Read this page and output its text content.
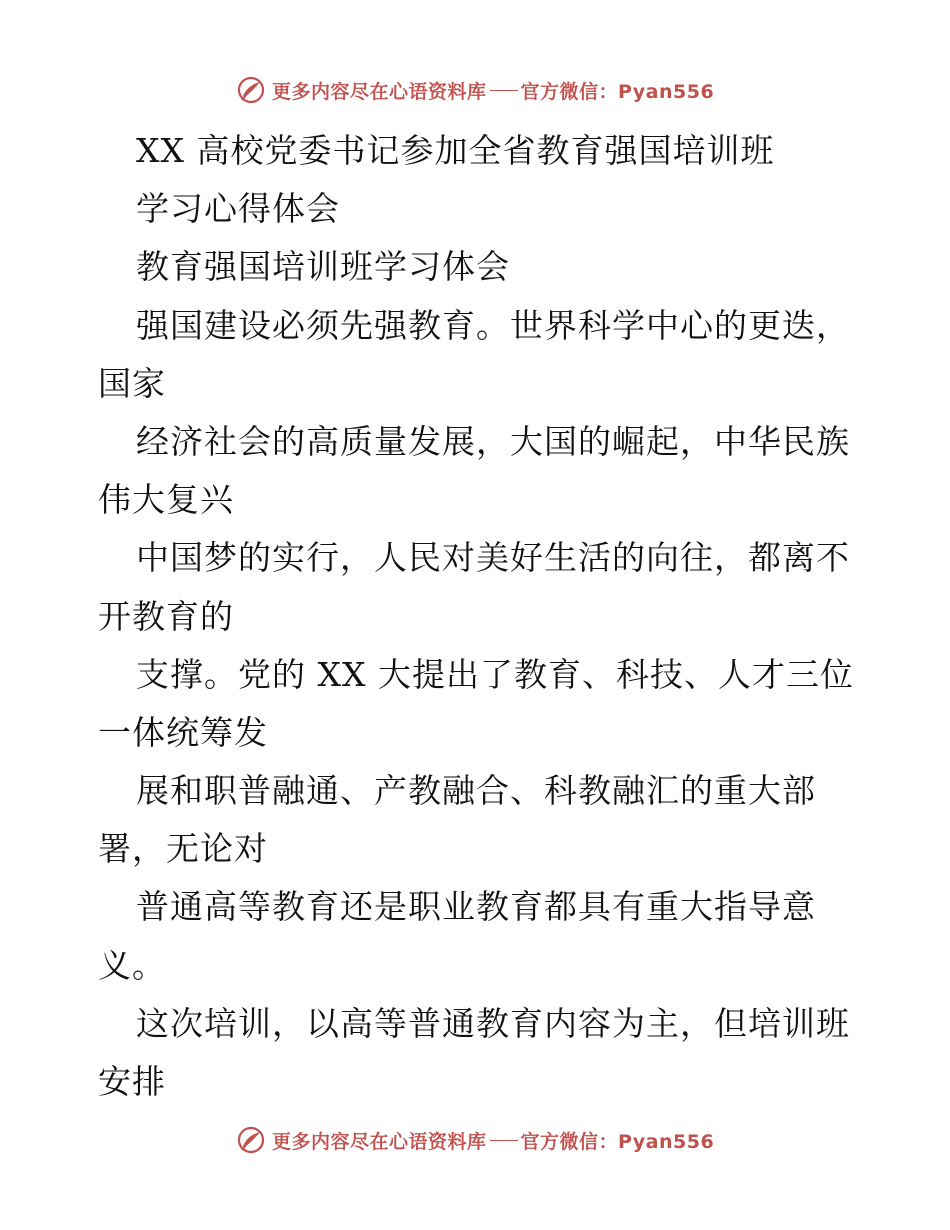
更多内容尽在心语资料库 官方微信：Pyan556
XX 高校党委书记参加全省教育强国培训班
学习心得体会
教育强国培训班学习体会
强国建设必须先强教育。世界科学中心的更迭，
国家
经济社会的高质量发展，大国的崛起，中华民族
伟大复兴
中国梦的实行，人民对美好生活的向往，都离不
开教育的
支撑。党的 XX 大提出了教育、科技、人才三位
一体统筹发
展和职普融通、产教融合、科教融汇的重大部
署，无论对
普通高等教育还是职业教育都具有重大指导意
义。
这次培训，以高等普通教育内容为主，但培训班
安排
更多内容尽在心语资料库 官方微信：Pyan556
